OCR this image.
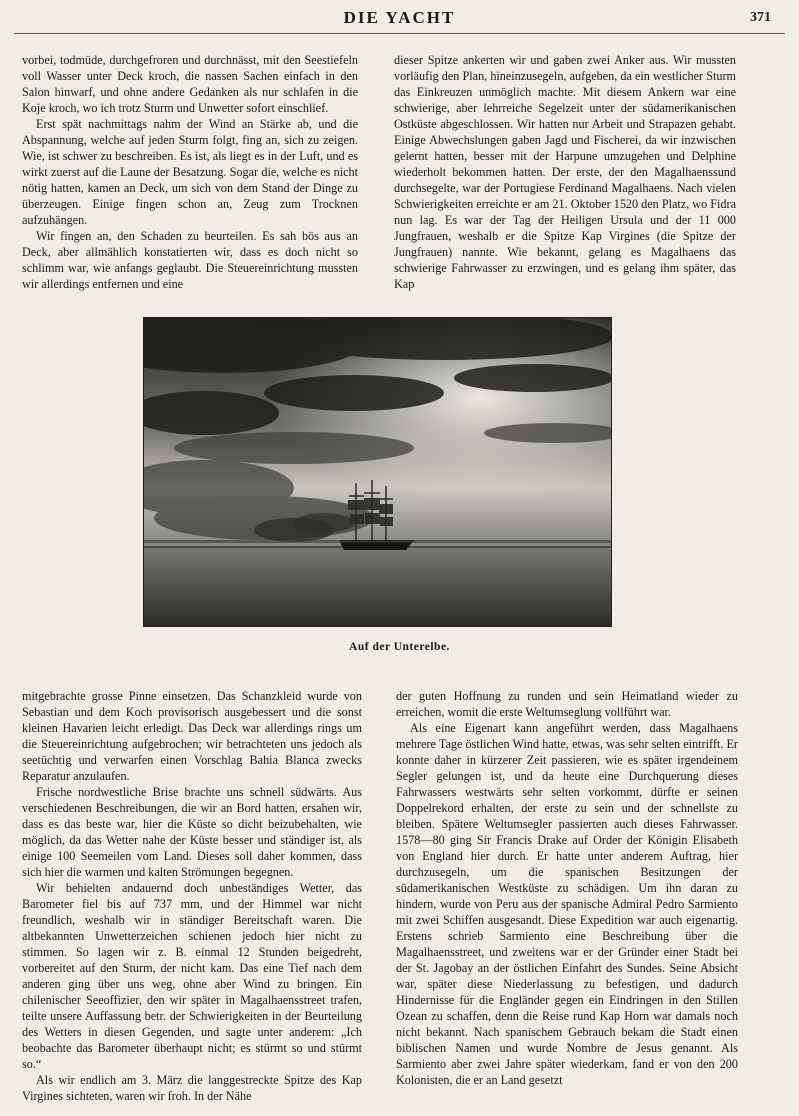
DIE YACHT	371

vorbei, todmüde, durchgefroren und durchnässt, mit den Seestiefeln voll Wasser unter Deck kroch, die nassen Sachen einfach in den Salon hinwarf, und ohne andere Gedanken als nur schlafen in die Koje kroch, wo ich trotz Sturm und Unwetter sofort einschlief.

Erst spät nachmittags nahm der Wind an Stärke ab, und die Abspannung, welche auf jeden Sturm folgt, fing an, sich zu zeigen. Wie, ist schwer zu beschreiben. Es ist, als liegt es in der Luft, und es wirkt zuerst auf die Laune der Besatzung. Sogar die, welche es nicht nötig hatten, kamen an Deck, um sich von dem Stand der Dinge zu überzeugen. Einige fingen schon an, Zeug zum Trocknen aufzuhängen.

Wir fingen an, den Schaden zu beurteilen. Es sah bös aus an Deck, aber allmählich konstatierten wir, dass es doch nicht so schlimm war, wie anfangs geglaubt. Die Steuereinrichtung mussten wir allerdings entfernen und eine

dieser Spitze ankerten wir und gaben zwei Anker aus. Wir mussten vorläufig den Plan, hineinzusegeln, aufgeben, da ein westlicher Sturm das Einkreuzen unmöglich machte. Mit diesem Ankern war eine schwierige, aber lehrreiche Segelzeit unter der südamerikanischen Ostküste abgeschlossen. Wir hatten nur Arbeit und Strapazen gehabt. Einige Abwechslungen gaben Jagd und Fischerei, da wir inzwischen gelernt hatten, besser mit der Harpune umzugehen und Delphine wiederholt bekommen hatten. Der erste, der den Magalhaenssund durchsegelte, war der Portugiese Ferdinand Magalhaens. Nach vielen Schwierigkeiten erreichte er am 21. Oktober 1520 den Platz, wo Fidra nun lag. Es war der Tag der Heiligen Ursula und der 11 000 Jungfrauen, weshalb er die Spitze Kap Virgines (die Spitze der Jungfrauen) nannte. Wie bekannt, gelang es Magalhaens das schwierige Fahrwasser zu erzwingen, und es gelang ihm später, das Kap

Auf der Unterelbe.

mitgebrachte grosse Pinne einsetzen. Das Schanzkleid wurde von Sebastian und dem Koch provisorisch ausgebessert und die sonst kleinen Havarien leicht erledigt. Das Deck war allerdings rings um die Steuereinrichtung aufgebrochen; wir betrachteten uns jedoch als seetüchtig und verwarfen einen Vorschlag Bahia Blanca zwecks Reparatur anzulaufen.

Frische nordwestliche Brise brachte uns schnell südwärts. Aus verschiedenen Beschreibungen, die wir an Bord hatten, ersahen wir, dass es das beste war, hier die Küste so dicht beizubehalten, wie möglich, da das Wetter nahe der Küste besser und ständiger ist, als einige 100 Seemeilen vom Land. Dieses soll daher kommen, dass sich hier die warmen und kalten Strömungen begegnen.

Wir behielten andauernd doch unbeständiges Wetter, das Barometer fiel bis auf 737 mm, und der Himmel war nicht freundlich, weshalb wir in ständiger Bereitschaft waren. Die altbekannten Unwetterzeichen schienen jedoch hier nicht zu stimmen. So lagen wir z. B. einmal 12 Stunden beigedreht, vorbereitet auf den Sturm, der nicht kam. Das eine Tief nach dem anderen ging über uns weg, ohne aber Wind zu bringen. Ein chilenischer Seeoffizier, den wir später in Magalhaensstreet trafen, teilte unsere Auffassung betr. der Schwierigkeiten in der Beurteilung des Wetters in diesen Gegenden, und sagte unter anderem: „Ich beobachte das Barometer überhaupt nicht; es stürmt so und stürmt so.“

Als wir endlich am 3. März die langgestreckte Spitze des Kap Virgines sichteten, waren wir froh. In der Nähe

der guten Hoffnung zu runden und sein Heimatland wieder zu erreichen, womit die erste Weltumseglung vollführt war.

Als eine Eigenart kann angeführt werden, dass Magalhaens mehrere Tage östlichen Wind hatte, etwas, was sehr selten eintrifft. Er konnte daher in kürzerer Zeit passieren, wie es später irgendeinem Segler gelungen ist, und da heute eine Durchquerung dieses Fahrwassers westwärts sehr selten vorkommt, dürfte er seinen Doppelrekord erhalten, der erste zu sein und der schnellste zu bleiben. Spätere Weltumsegler passierten auch dieses Fahrwasser. 1578—80 ging Sir Francis Drake auf Order der Königin Elisabeth von England hier durch. Er hatte unter anderem Auftrag, hier durchzusegeln, um die spanischen Besitzungen der südamerikanischen Westküste zu schädigen. Um ihn daran zu hindern, wurde von Peru aus der spanische Admiral Pedro Sarmiento mit zwei Schiffen ausgesandt. Diese Expedition war auch eigenartig. Erstens schrieb Sarmiento eine Beschreibung über die Magalhaensstreet, und zweitens war er der Gründer einer Stadt bei der St. Jagobay an der östlichen Einfahrt des Sundes. Seine Absicht war, später diese Niederlassung zu befestigen, und dadurch Hindernisse für die Engländer gegen ein Eindringen in den Stillen Ozean zu schaffen, denn die Reise rund Kap Horn war damals noch nicht bekannt. Nach spanischem Gebrauch bekam die Stadt einen biblischen Namen und wurde Nombre de Jesus genannt. Als Sarmiento aber zwei Jahre später wiederkam, fand er von den 200 Kolonisten, die er an Land gesetzt
